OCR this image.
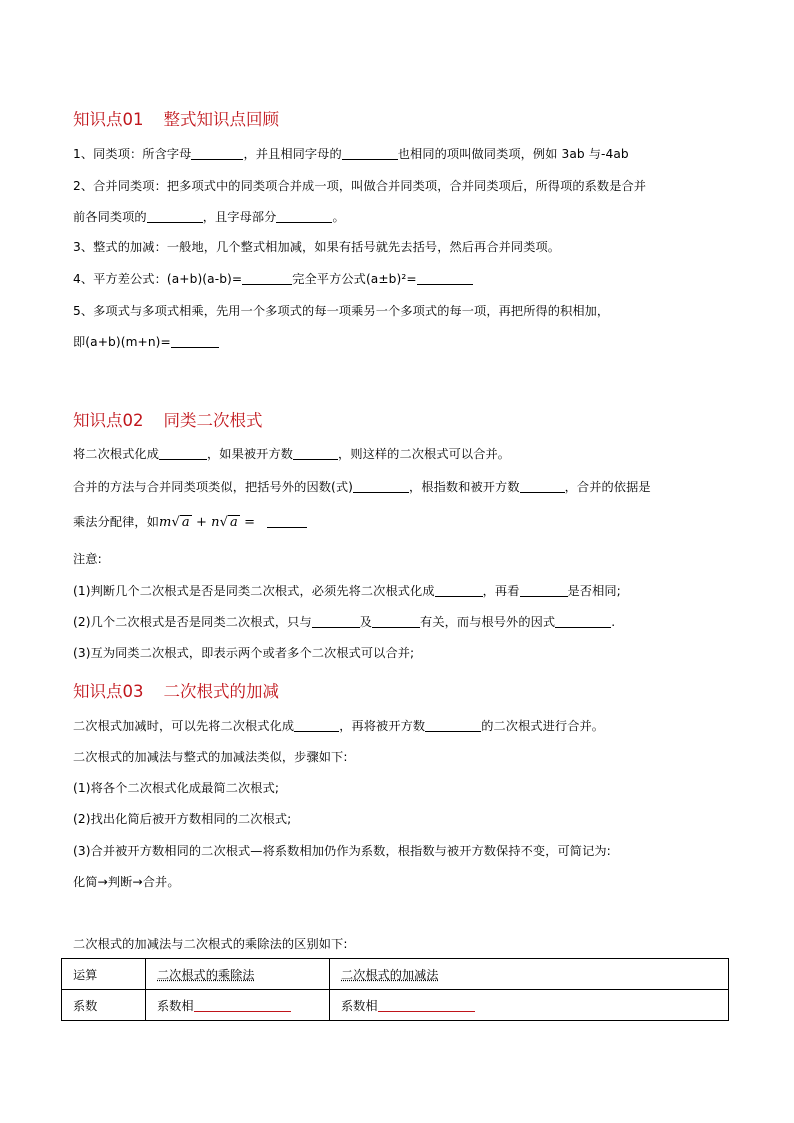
知识点01 整式知识点回顾
1、同类项：所含字母	，并且相同字母的	也相同的项叫做同类项，例如 3ab 与-4ab
2、合并同类项：把多项式中的同类项合并成一项，叫做合并同类项，合并同类项后，所得项的系数是合并
前各同类项的	，且字母部分	。
3、整式的加减：一般地，几个整式相加减，如果有括号就先去括号，然后再合并同类项。
4、平方差公式：(a+b)(a-b)=	完全平方公式(a±b)²=
5、多项式与多项式相乘，先用一个多项式的每一项乘另一个多项式的每一项，再把所得的积相加，
即(a+b)(m+n)=
知识点02 同类二次根式
将二次根式化成	，如果被开方数	，则这样的二次根式可以合并。
合并的方法与合并同类项类似，把括号外的因数(式)	，根指数和被开方数	，合并的依据是
乘法分配律，如m√ a + n√ a =
注意:
(1)判断几个二次根式是否是同类二次根式，必须先将二次根式化成	，再看	是否相同;
(2)几个二次根式是否是同类二次根式，只与	及	有关，而与根号外的因式	.
(3)互为同类二次根式，即表示两个或者多个二次根式可以合并;
知识点03 二次根式的加减
二次根式加减时，可以先将二次根式化成	，再将被开方数	的二次根式进行合并。
二次根式的加减法与整式的加减法类似，步骤如下:
(1)将各个二次根式化成最简二次根式;
(2)找出化简后被开方数相同的二次根式;
(3)合并被开方数相同的二次根式—将系数相加仍作为系数，根指数与被开方数保持不变，可简记为:
化简→判断→合并。
二次根式的加减法与二次根式的乘除法的区别如下:
运算	二次根式的乘除法	二次根式的加减法
系数	系数相	系数相
